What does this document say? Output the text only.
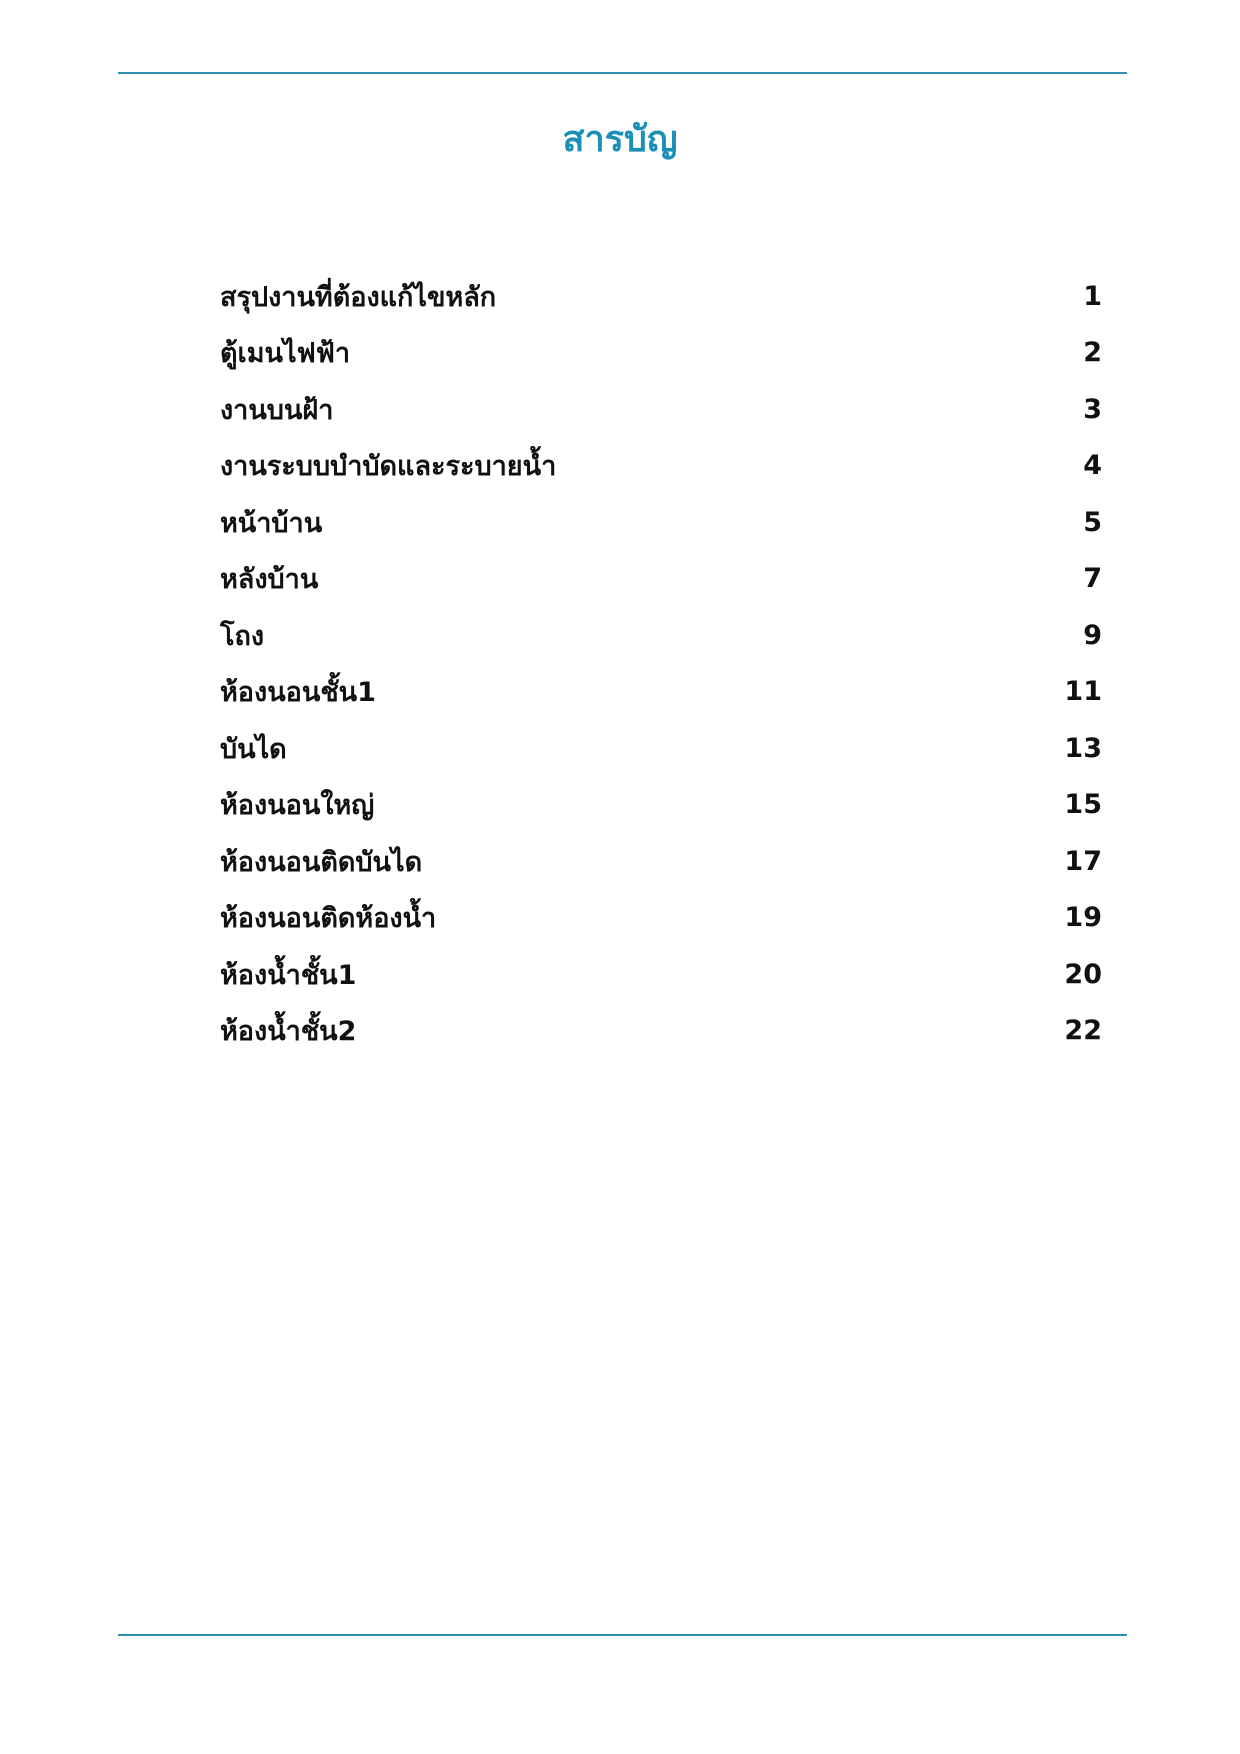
สารบัญ
สรุปงานที่ต้องแก้ไขหลัก	1
ตู้เมนไฟฟ้า	2
งานบนฝ้า	3
งานระบบบำบัดและระบายน้ำ	4
หน้าบ้าน	5
หลังบ้าน	7
โถง	9
ห้องนอนชั้น1	11
บันได	13
ห้องนอนใหญ่	15
ห้องนอนติดบันได	17
ห้องนอนติดห้องน้ำ	19
ห้องน้ำชั้น1	20
ห้องน้ำชั้น2	22
